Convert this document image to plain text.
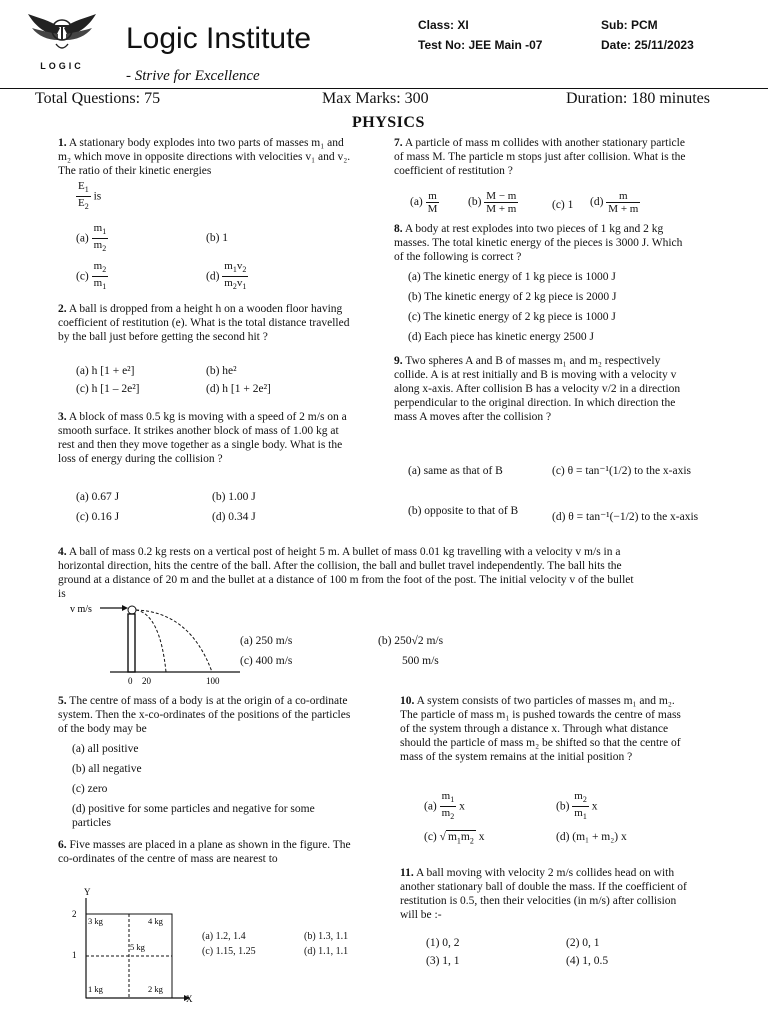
LOGIC
Logic Institute
- Strive for Excellence
Class: XI	Sub: PCM
Test No: JEE Main -07	Date: 25/11/2023
Total Questions: 75	Max Marks: 300	Duration: 180 minutes
PHYSICS
1. A stationary body explodes into two parts of masses m₁ and m₂ which move in opposite directions with velocities v₁ and v₂. The ratio of their kinetic energies
$\frac{E_1}{E_2}$ is
$(a) \frac{m_1}{m_2}$	(b) 1
$(c) \frac{m_2}{m_1}$	$(d) \frac{m_1v_2}{m_2v_1}$
2. A ball is dropped from a height h on a wooden floor having coefficient of restitution (e). What is the total distance travelled by the ball just before getting the second hit ?
(a) h [1 + e²]	(b) he²
(c) h [1 – 2e²]	(d) h [1 + 2e²]
3. A block of mass 0.5 kg is moving with a speed of 2 m/s on a smooth surface. It strikes another block of mass of 1.00 kg at rest and then they move together as a single body. What is the loss of energy during the collision ?
(a) 0.67 J	(b) 1.00 J
(c) 0.16 J	(d) 0.34 J
4. A ball of mass 0.2 kg rests on a vertical post of height 5 m. A bullet of mass 0.01 kg travelling with a velocity v m/s in a horizontal direction, hits the centre of the ball. After the collision, the ball and bullet travel independently. The ball hits the ground at a distance of 20 m and the bullet at a distance of 100 m from the foot of the post. The initial velocity v of the bullet is
v m/s
0 20	100
(a) 250 m/s	(b) 250√2 m/s
(c) 400 m/s	500 m/s
5. The centre of mass of a body is at the origin of a co-ordinate system. Then the x-co-ordinates of the positions of the particles of the body may be
(a) all positive
(b) all negative
(c) zero
(d) positive for some particles and negative for some particles
6. Five masses are placed in a plane as shown in the figure. The co-ordinates of the centre of mass are nearest to
Y
X
2
1
3 kg	4 kg
5 kg
1 kg	2 kg
(a) 1.2, 1.4	(b) 1.3, 1.1
(c) 1.15, 1.25	(d) 1.1, 1.1
7. A particle of mass m collides with another stationary particle of mass M. The particle m stops just after collision. What is the coefficient of restitution ?
$(a) \frac{m}{M} (b) \frac{M - m}{M + m}$	(c) 1 $(d) \frac{m}{M + m}$
8. A body at rest explodes into two pieces of 1 kg and 2 kg masses. The total kinetic energy of the pieces is 3000 J. Which of the following is correct ?
(a) The kinetic energy of 1 kg piece is 1000 J
(b) The kinetic energy of 2 kg piece is 2000 J
(c) The kinetic energy of 2 kg piece is 1000 J
(d) Each piece has kinetic energy 2500 J
9. Two spheres A and B of masses m₁ and m₂ respectively collide. A is at rest initially and B is moving with a velocity v along x-axis. After collision B has a velocity v/2 in a direction perpendicular to the original direction. In which direction the mass A moves after the collision ?
(a) same as that of B	(c) θ = tan⁻¹(1/2) to the x-axis
(b) opposite to that of B	(d) θ = tan⁻¹(−1/2) to the x-axis
10. A system consists of two particles of masses m₁ and m₂. The particle of mass m₁ is pushed towards the centre of mass of the system through a distance x. Through what distance should the particle of mass m₂ be shifted so that the centre of mass of the system remains at the initial position ?
$(a) \frac{m_1}{m_2}$ x	$(b) \frac{m_2}{m_1}$ x
(c) √ $m_1m_2$ x	(d) (m₁ + m₂) x
11. A ball moving with velocity 2 m/s collides head on with another stationary ball of double the mass. If the coefficient of restitution is 0.5, then their velocities (in m/s) after collision will be :-
(1) 0, 2	(2) 0, 1
(3) 1, 1	(4) 1, 0.5
